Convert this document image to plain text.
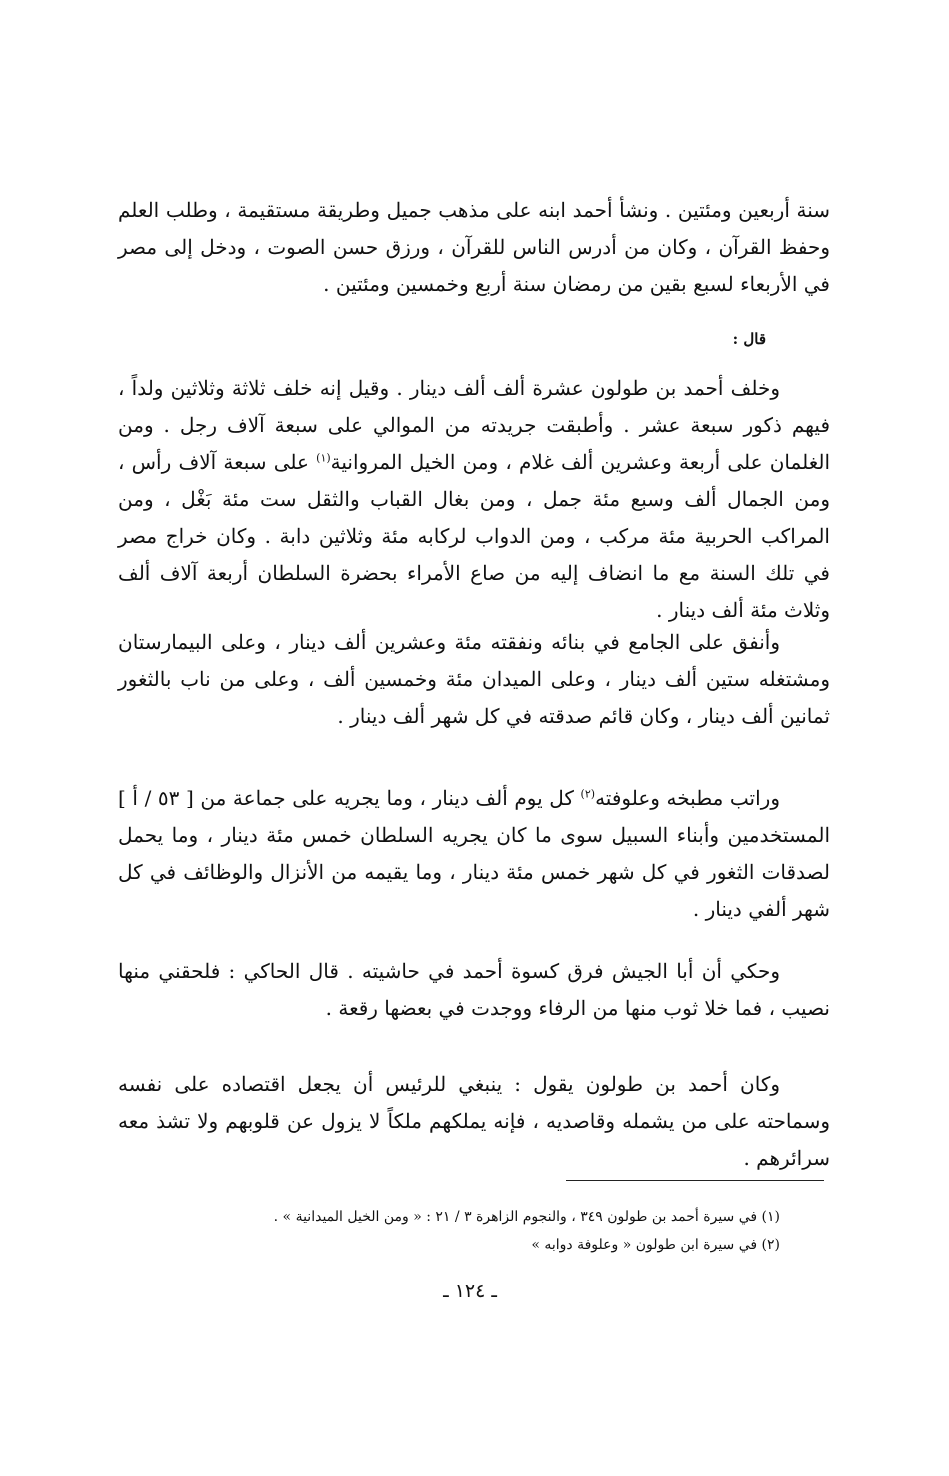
سنة أربعين ومئتين . ونشأ أحمد ابنه على مذهب جميل وطريقة مستقيمة ، وطلب العلم وحفظ القرآن ، وكان من أدرس الناس للقرآن ، ورزق حسن الصوت ، ودخل إلى مصر في الأربعاء لسبع بقين من رمضان سنة أربع وخمسين ومئتين .
قال :
وخلف أحمد بن طولون عشرة ألف ألف دينار . وقيل إنه خلف ثلاثة وثلاثين ولداً ، فيهم ذكور سبعة عشر . وأطبقت جريدته من الموالي على سبعة آلاف رجل . ومن الغلمان على أربعة وعشرين ألف غلام ، ومن الخيل المروانية$^{(١)}$ على سبعة آلاف رأس ، ومن الجمال ألف وسبع مئة جمل ، ومن بغال القباب والثقل ست مئة بَغْل ، ومن المراكب الحربية مئة مركب ، ومن الدواب لركابه مئة وثلاثين دابة . وكان خراج مصر في تلك السنة مع ما انضاف إليه من صاع الأمراء بحضرة السلطان أربعة آلاف ألف وثلاث مئة ألف دينار .
وأنفق على الجامع في بنائه ونفقته مئة وعشرين ألف دينار ، وعلى البيمارستان ومشتغله ستين ألف دينار ، وعلى الميدان مئة وخمسين ألف ، وعلى من ناب بالثغور ثمانين ألف دينار ، وكان قائم صدقته في كل شهر ألف دينار .
وراتب مطبخه وعلوفته$^{(٢)}$ كل يوم ألف دينار ، وما يجريه على جماعة من [ ٥٣ / أ ] المستخدمين وأبناء السبيل سوى ما كان يجريه السلطان خمس مئة دينار ، وما يحمل لصدقات الثغور في كل شهر خمس مئة دينار ، وما يقيمه من الأنزال والوظائف في كل شهر ألفي دينار .
وحكي أن أبا الجيش فرق كسوة أحمد في حاشيته . قال الحاكي : فلحقني منها نصيب ، فما خلا ثوب منها من الرفاء ووجدت في بعضها رقعة .
وكان أحمد بن طولون يقول : ينبغي للرئيس أن يجعل اقتصاده على نفسه وسماحته على من يشمله وقاصديه ، فإنه يملكهم ملكاً لا يزول عن قلوبهم ولا تشذ معه سرائرهم .
(١) في سيرة أحمد بن طولون ٣٤٩ ، والنجوم الزاهرة ٣ / ٢١ : « ومن الخيل الميدانية » .
(٢) في سيرة ابن طولون « وعلوفة دوابه »
ـ ١٢٤ ـ
